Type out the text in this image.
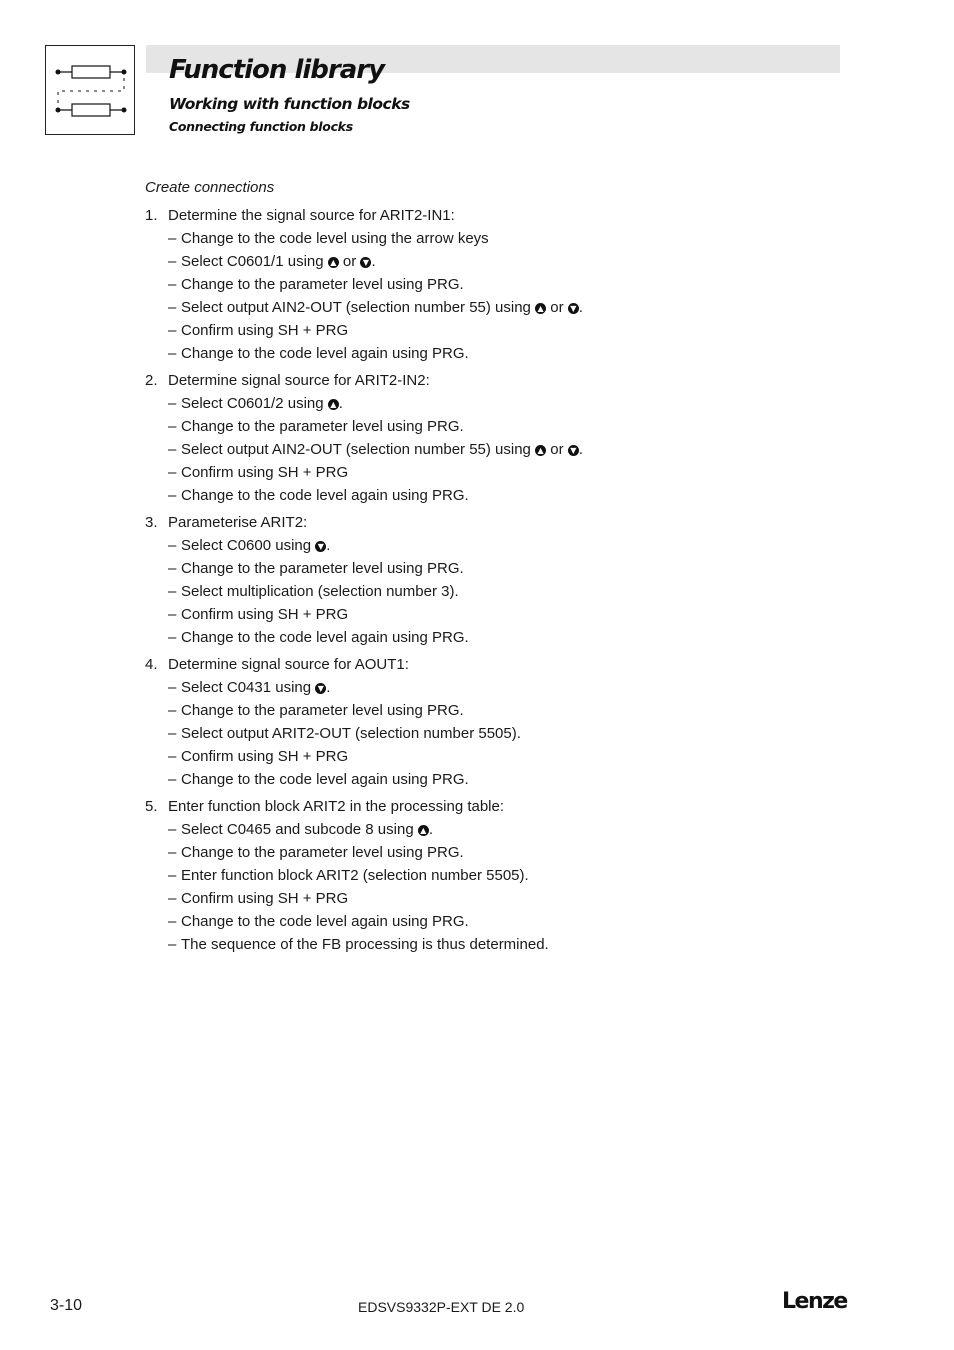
Function library
Working with function blocks
Connecting function blocks

Create connections

1. Determine the signal source for ARIT2-IN1:
– Change to the code level using the arrow keys
– Select C0601/1 using ▲ or ▼ .
– Change to the parameter level using PRG.
– Select output AIN2-OUT (selection number 55) using ▲ or ▼ .
– Confirm using SH + PRG
– Change to the code level again using PRG.
2. Determine signal source for ARIT2-IN2:
– Select C0601/2 using ▲ .
– Change to the parameter level using PRG.
– Select output AIN2-OUT (selection number 55) using ▲ or ▼ .
– Confirm using SH + PRG
– Change to the code level again using PRG.
3. Parameterise ARIT2:
– Select C0600 using ▼ .
– Change to the parameter level using PRG.
– Select multiplication (selection number 3).
– Confirm using SH + PRG
– Change to the code level again using PRG.
4. Determine signal source for AOUT1:
– Select C0431 using ▼ .
– Change to the parameter level using PRG.
– Select output ARIT2-OUT (selection number 5505).
– Confirm using SH + PRG
– Change to the code level again using PRG.
5. Enter function block ARIT2 in the processing table:
– Select C0465 and subcode 8 using ▲ .
– Change to the parameter level using PRG.
– Enter function block ARIT2 (selection number 5505).
– Confirm using SH + PRG
– Change to the code level again using PRG.
– The sequence of the FB processing is thus determined.
3-10	EDSVS9332P-EXT DE 2.0	Lenze
